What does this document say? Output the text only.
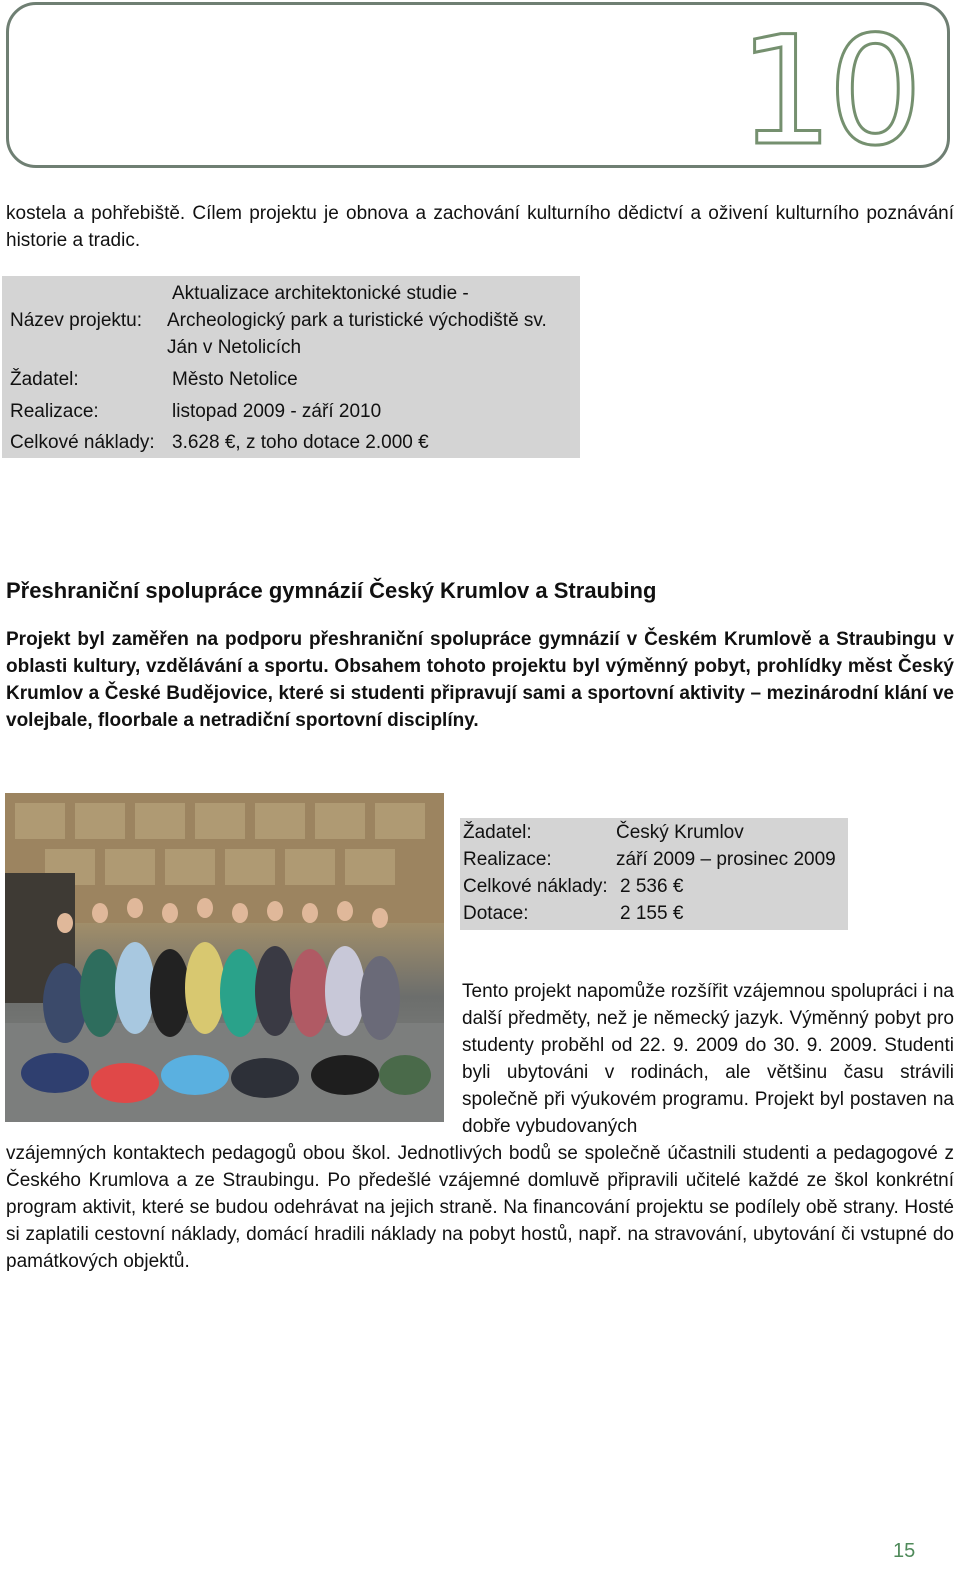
10

kostela a pohřebiště. Cílem projektu je obnova a zachování kulturního dědictví a oživení kulturního poznávání historie a tradic.

Aktualizace architektonické studie -
Název projektu: Archeologický park a turistické východiště sv.
Ján v Netolicích
Žadatel:	Město Netolice
Realizace:	listopad 2009 - září 2010
Celkové náklady: 3.628 €, z toho dotace 2.000 €
Přeshraniční spolupráce gymnázií Český Krumlov a Straubing

Projekt byl zaměřen na podporu přeshraniční spolupráce gymnázií v Českém Krumlově a Straubingu v oblasti kultury, vzdělávání a sportu. Obsahem tohoto projektu byl výměnný pobyt, prohlídky měst Český Krumlov a České Budějovice, které si studenti připravují sami a sportovní aktivity – mezinárodní klání ve volejbale, floorbale a netradiční sportovní disciplíny.

Žadatel:	Český Krumlov
Realizace:	září 2009 – prosinec 2009
Celkové náklady: 2 536 €
Dotace:	2 155 €

Tento projekt napomůže rozšířit vzájemnou spolupráci i na další předměty, než je německý jazyk. Výměnný pobyt pro studenty proběhl od 22. 9. 2009 do 30. 9. 2009. Studenti byli ubytováni v rodinách, ale většinu času strávili společně při výukovém programu. Projekt byl postaven na dobře vybudovaných

vzájemných kontaktech pedagogů obou škol. Jednotlivých bodů se společně účastnili studenti a pedagogové z Českého Krumlova a ze Straubingu. Po předešlé vzájemné domluvě připravili učitelé každé ze škol konkrétní program aktivit, které se budou odehrávat na jejich straně. Na financování projektu se podílely obě strany. Hosté si zaplatili cestovní náklady, domácí hradili náklady na pobyt hostů, např. na stravování, ubytování či vstupné do památkových objektů.

15
